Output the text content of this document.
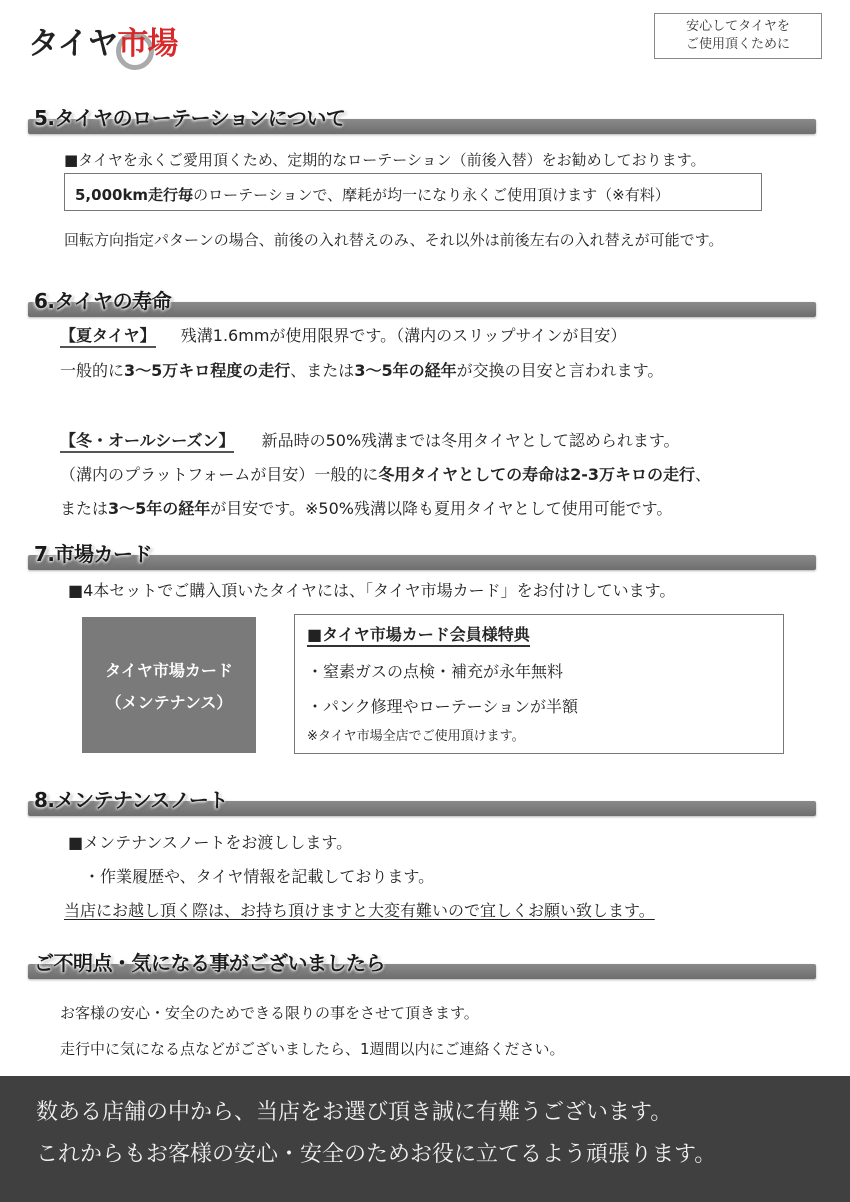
タイヤ 市場	安心してタイヤを
ご使用頂くために
5.タイヤのローテーションについて
■タイヤを永くご愛用頂くため、定期的なローテーション（前後入替）をお勧めしております。
5,000km走行毎のローテーションで、摩耗が均一になり永くご使用頂けます（※有料）
回転方向指定パターンの場合、前後の入れ替えのみ、それ以外は前後左右の入れ替えが可能です。
6.タイヤの寿命
【夏タイヤ】 残溝1.6mmが使用限界です。（溝内のスリップサインが目安）
一般的に3～5万キロ程度の走行、または3～5年の経年が交換の目安と言われます。
【冬・オールシーズン】 新品時の50%残溝までは冬用タイヤとして認められます。
（溝内のプラットフォームが目安）一般的に冬用タイヤとしての寿命は2-3万キロの走行、
または3～5年の経年が目安です。※50%残溝以降も夏用タイヤとして使用可能です。
7.市場カード
■4本セットでご購入頂いたタイヤには、「タイヤ市場カード」をお付けしています。
タイヤ市場カード
（メンテナンス）
■タイヤ市場カード会員様特典
・窒素ガスの点検・補充が永年無料
・パンク修理やローテーションが半額
※タイヤ市場全店でご使用頂けます。
8.メンテナンスノート
■メンテナンスノートをお渡しします。
・作業履歴や、タイヤ情報を記載しております。
当店にお越し頂く際は、お持ち頂けますと大変有難いので宜しくお願い致します。
ご不明点・気になる事がございましたら
お客様の安心・安全のためできる限りの事をさせて頂きます。
走行中に気になる点などがございましたら、1週間以内にご連絡ください。
数ある店舗の中から、当店をお選び頂き誠に有難うございます。
これからもお客様の安心・安全のためお役に立てるよう頑張ります。
